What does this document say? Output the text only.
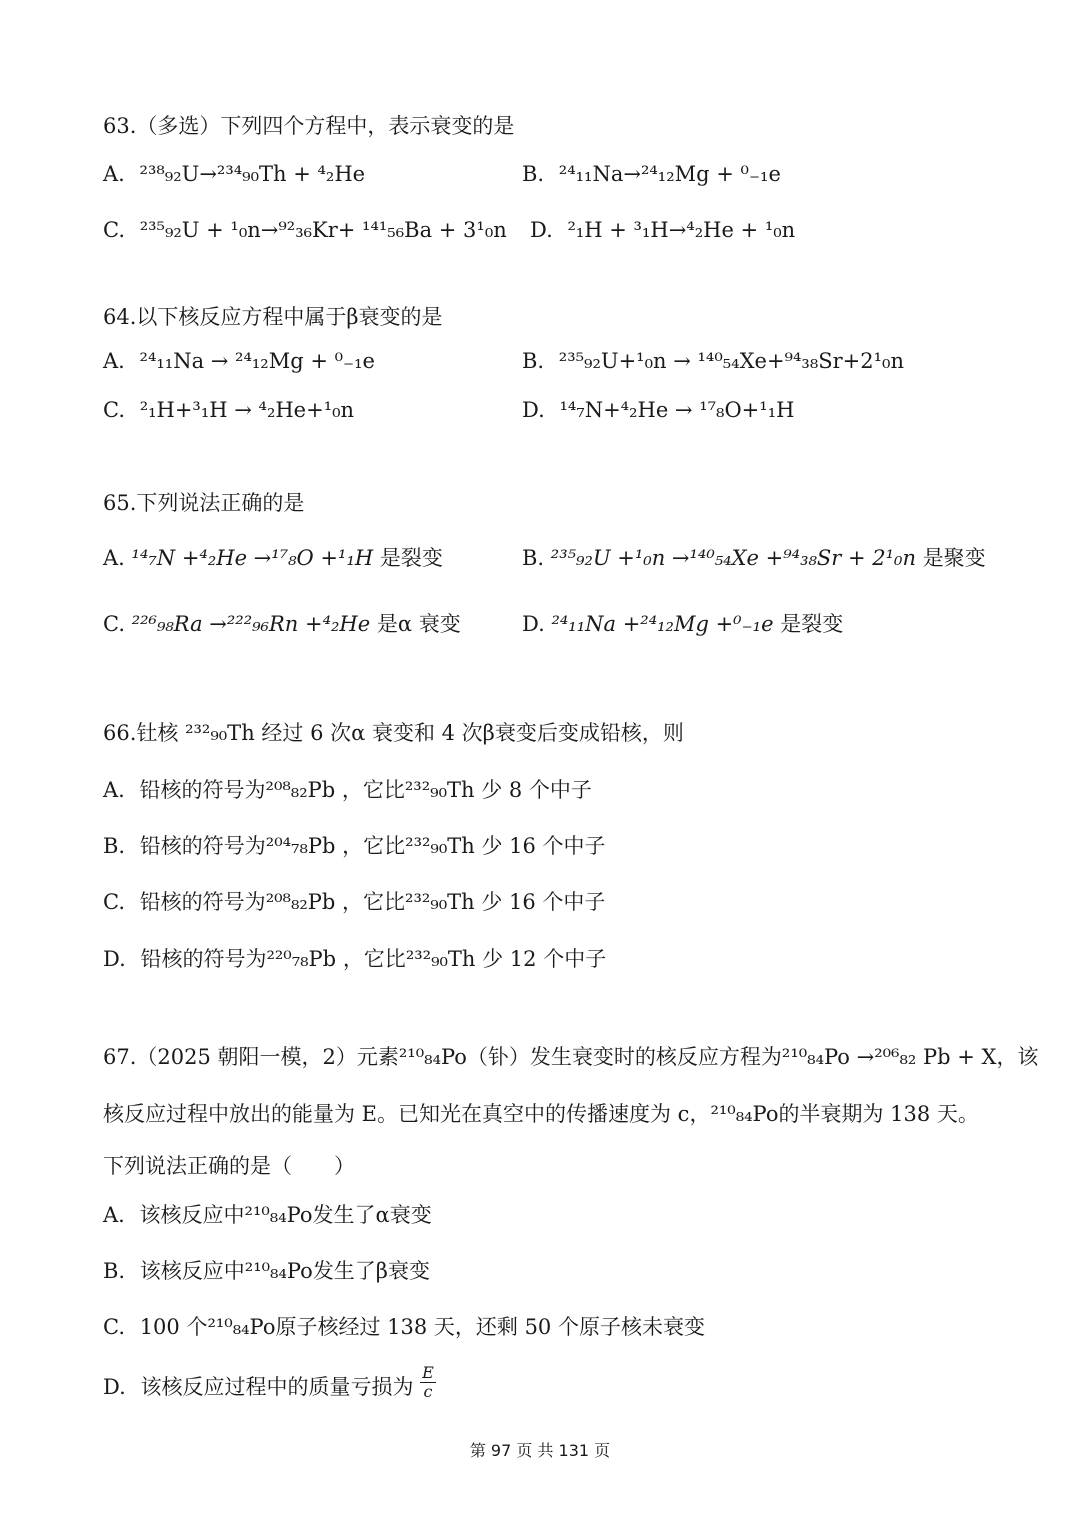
63.（多选）下列四个方程中，表示衰变的是
A. ²³⁸₉₂U→²³⁴₉₀Th + ⁴₂He	B. ²⁴₁₁Na→²⁴₁₂Mg + ⁰₋₁e
C. ²³⁵₉₂U + ¹₀n→⁹²₃₆Kr+ ¹⁴¹₅₆Ba + 3¹₀n D. ²₁H + ³₁H→⁴₂He + ¹₀n
64.以下核反应方程中属于β衰变的是
A. ²⁴₁₁Na → ²⁴₁₂Mg + ⁰₋₁e	B. ²³⁵₉₂U+¹₀n → ¹⁴⁰₅₄Xe+⁹⁴₃₈Sr+2¹₀n
C. ²₁H+³₁H → ⁴₂He+¹₀n	D. ¹⁴₇N+⁴₂He → ¹⁷₈O+¹₁H
65.下列说法正确的是
A. ¹⁴₇N +⁴₂He →¹⁷₈O +¹₁H 是裂变	B. ²³⁵₉₂U +¹₀n →¹⁴⁰₅₄Xe +⁹⁴₃₈Sr + 2¹₀n 是聚变
C. ²²⁶₉₈Ra →²²²₉₆Rn +⁴₂He 是α 衰变	D. ²⁴₁₁Na +²⁴₁₂Mg +⁰₋₁e 是裂变
66.钍核 ²³²₉₀Th 经过 6 次α 衰变和 4 次β衰变后变成铅核，则
A. 铅核的符号为²⁰⁸₈₂Pb ，它比²³²₉₀Th 少 8 个中子
B. 铅核的符号为²⁰⁴₇₈Pb ，它比²³²₉₀Th 少 16 个中子
C. 铅核的符号为²⁰⁸₈₂Pb ，它比²³²₉₀Th 少 16 个中子
D. 铅核的符号为²²⁰₇₈Pb ，它比²³²₉₀Th 少 12 个中子
67.（2025 朝阳一模，2）元素²¹⁰₈₄Po（钋）发生衰变时的核反应方程为²¹⁰₈₄Po →²⁰⁶₈₂ Pb + X，该
核反应过程中放出的能量为 E。已知光在真空中的传播速度为 c，²¹⁰₈₄Po的半衰期为 138 天。
下列说法正确的是（　　）
A. 该核反应中²¹⁰₈₄Po发生了α衰变
B. 该核反应中²¹⁰₈₄Po发生了β衰变
C. 100 个²¹⁰₈₄Po原子核经过 138 天，还剩 50 个原子核未衰变
D. 该核反应过程中的质量亏损为 $\frac{E}{c}$
第 97 页 共 131 页
